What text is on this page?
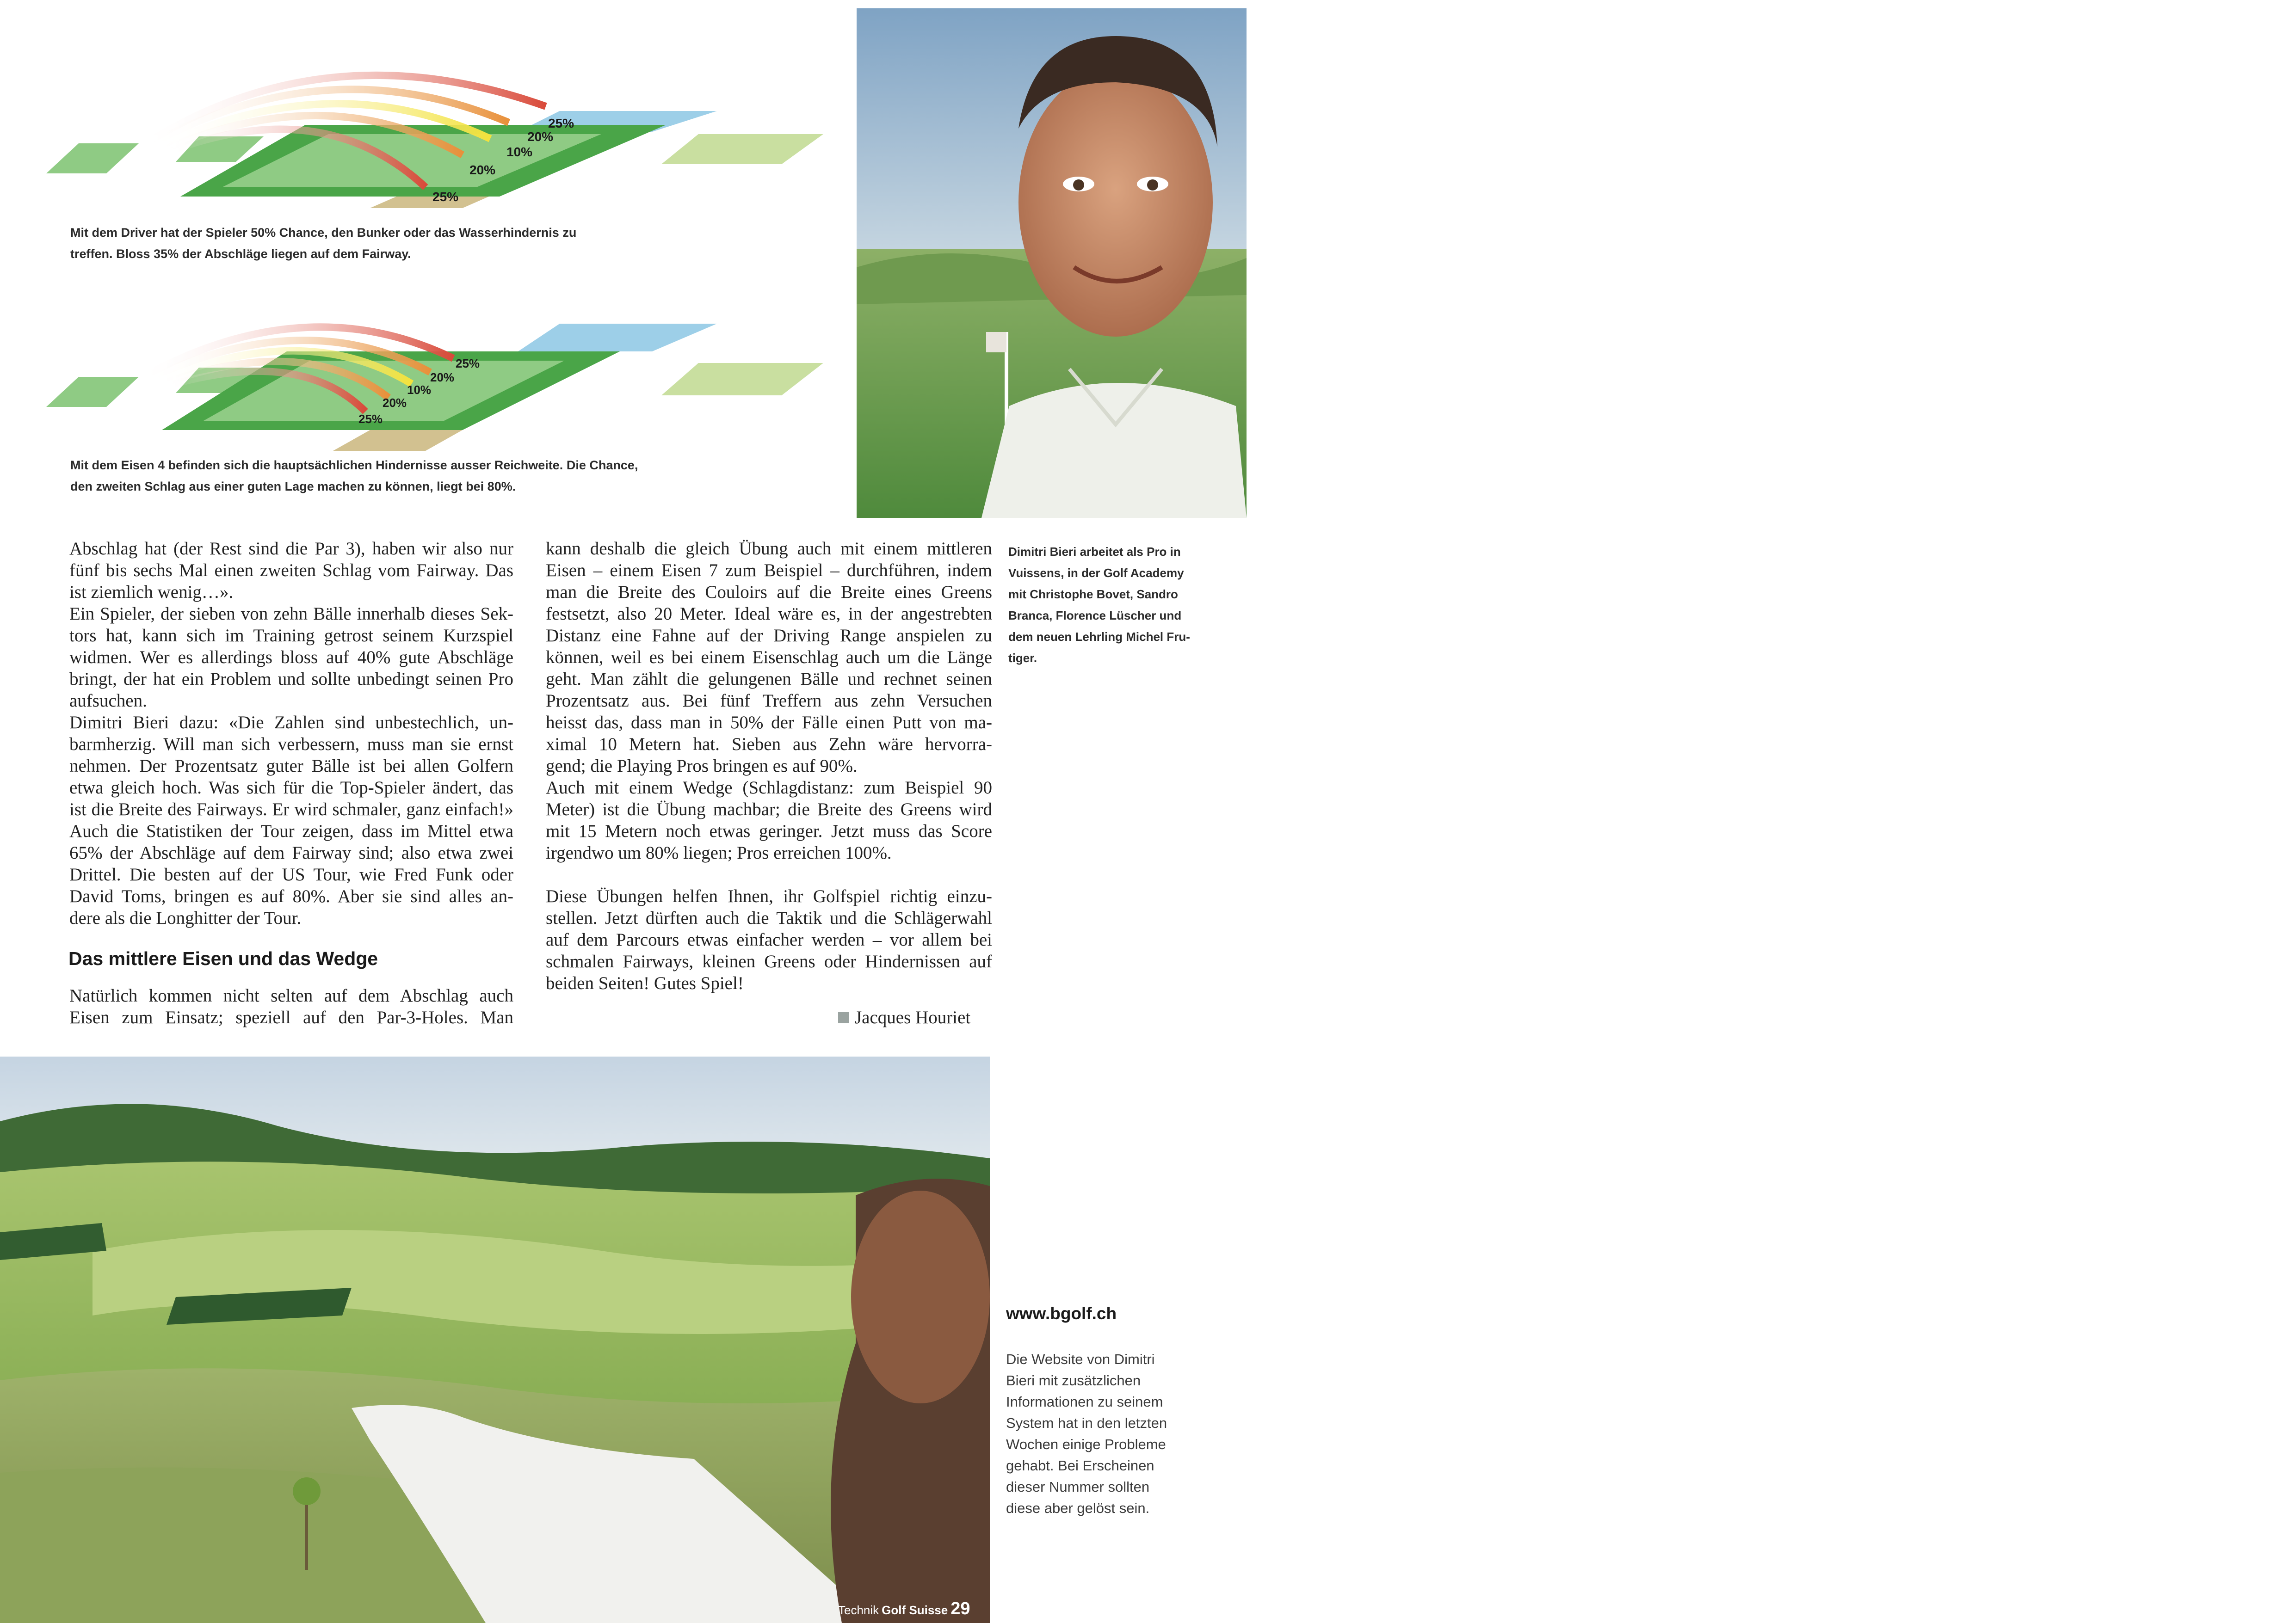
25%
20%
10%
20%
25%
Mit dem Driver hat der Spieler 50% Chance, den Bunker oder das Wasserhindernis zu
treffen. Bloss 35% der Abschläge liegen auf dem Fairway.
25%
20%
10%
20%
25%
Mit dem Eisen 4 befinden sich die hauptsächlichen Hindernisse ausser Reichweite. Die Chance,
den zweiten Schlag aus einer guten Lage machen zu können, liegt bei 80%.

Abschlag hat (der Rest sind die Par 3), haben wir also nur
fünf bis sechs Mal einen zweiten Schlag vom Fairway. Das
ist ziemlich wenig…».

Ein Spieler, der sieben von zehn Bälle innerhalb dieses Sek-
tors hat, kann sich im Training getrost seinem Kurzspiel
widmen. Wer es allerdings bloss auf 40% gute Abschläge
bringt, der hat ein Problem und sollte unbedingt seinen Pro
aufsuchen.

Dimitri Bieri dazu: «Die Zahlen sind unbestechlich, un-
barmherzig. Will man sich verbessern, muss man sie ernst
nehmen. Der Prozentsatz guter Bälle ist bei allen Golfern
etwa gleich hoch. Was sich für die Top-Spieler ändert, das
ist die Breite des Fairways. Er wird schmaler, ganz einfach!»
Auch die Statistiken der Tour zeigen, dass im Mittel etwa
65% der Abschläge auf dem Fairway sind; also etwa zwei
Drittel. Die besten auf der US Tour, wie Fred Funk oder
David Toms, bringen es auf 80%. Aber sie sind alles an-
dere als die Longhitter der Tour.

Das mittlere Eisen und das Wedge

Natürlich kommen nicht selten auf dem Abschlag auch
Eisen zum Einsatz; speziell auf den Par-3-Holes. Man

kann deshalb die gleich Übung auch mit einem mittleren
Eisen – einem Eisen 7 zum Beispiel – durchführen, indem
man die Breite des Couloirs auf die Breite eines Greens
festsetzt, also 20 Meter. Ideal wäre es, in der angestrebten
Distanz eine Fahne auf der Driving Range anspielen zu
können, weil es bei einem Eisenschlag auch um die Länge
geht. Man zählt die gelungenen Bälle und rechnet seinen
Prozentsatz aus. Bei fünf Treffern aus zehn Versuchen
heisst das, dass man in 50% der Fälle einen Putt von ma-
ximal 10 Metern hat. Sieben aus Zehn wäre hervorra-
gend; die Playing Pros bringen es auf 90%.

Auch mit einem Wedge (Schlagdistanz: zum Beispiel 90
Meter) ist die Übung machbar; die Breite des Greens wird
mit 15 Metern noch etwas geringer. Jetzt muss das Score
irgendwo um 80% liegen; Pros erreichen 100%.

Diese Übungen helfen Ihnen, ihr Golfspiel richtig einzu-
stellen. Jetzt dürften auch die Taktik und die Schlägerwahl
auf dem Parcours etwas einfacher werden – vor allem bei
schmalen Fairways, kleinen Greens oder Hindernissen auf
beiden Seiten! Gutes Spiel!

Jacques Houriet
Dimitri Bieri arbeitet als Pro in
Vuissens, in der Golf Academy
mit Christophe Bovet, Sandro
Branca, Florence Lüscher und
dem neuen Lehrling Michel Fru-
tiger.
Technik Golf Suisse 29
www.bgolf.ch
Die Website von Dimitri
Bieri mit zusätzlichen
Informationen zu seinem
System hat in den letzten
Wochen einige Probleme
gehabt. Bei Erscheinen
dieser Nummer sollten
diese aber gelöst sein.
